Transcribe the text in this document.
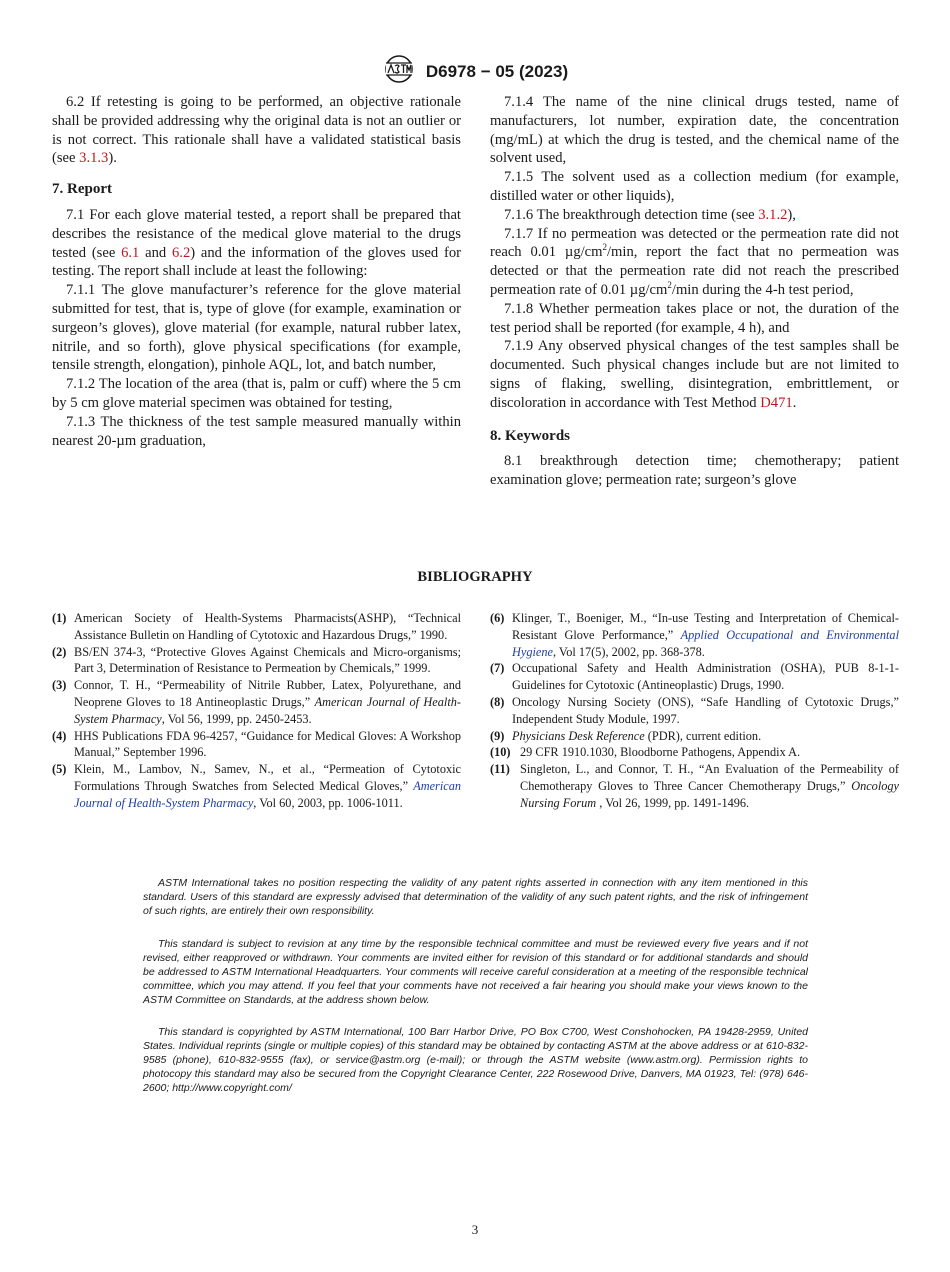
D6978 − 05 (2023)

6.2 If retesting is going to be performed, an objective rationale shall be provided addressing why the original data is not an outlier or is not correct. This rationale shall have a validated statistical basis (see 3.1.3).

7. Report

7.1 For each glove material tested, a report shall be prepared that describes the resistance of the medical glove material to the drugs tested (see 6.1 and 6.2) and the information of the gloves used for testing. The report shall include at least the following:

7.1.1 The glove manufacturer’s reference for the glove material submitted for test, that is, type of glove (for example, examination or surgeon’s gloves), glove material (for example, natural rubber latex, nitrile, and so forth), glove physical specifications (for example, tensile strength, elongation), pinhole AQL, lot, and batch number,

7.1.2 The location of the area (that is, palm or cuff) where the 5 cm by 5 cm glove material specimen was obtained for testing,

7.1.3 The thickness of the test sample measured manually within nearest 20-µm graduation,

7.1.4 The name of the nine clinical drugs tested, name of manufacturers, lot number, expiration date, the concentration (mg/mL) at which the drug is tested, and the chemical name of the solvent used,

7.1.5 The solvent used as a collection medium (for example, distilled water or other liquids),

7.1.6 The breakthrough detection time (see 3.1.2),

7.1.7 If no permeation was detected or the permeation rate did not reach 0.01 $\mu g/cm^2/\min$, report the fact that no permeation was detected or that the permeation rate did not reach the prescribed permeation rate of 0.01 $\mu g/cm^2/\min$ during the 4-h test period,

7.1.8 Whether permeation takes place or not, the duration of the test period shall be reported (for example, 4 h), and

7.1.9 Any observed physical changes of the test samples shall be documented. Such physical changes include but are not limited to signs of flaking, swelling, disintegration, embrittlement, or discoloration in accordance with Test Method D471.

8. Keywords

8.1 breakthrough detection time; chemotherapy; patient examination glove; permeation rate; surgeon’s glove

BIBLIOGRAPHY
(1) American Society of Health-Systems Pharmacists(ASHP), “Technical Assistance Bulletin on Handling of Cytotoxic and Hazardous Drugs,” 1990.
(2) BS/EN 374-3, “Protective Gloves Against Chemicals and Micro-organisms; Part 3, Determination of Resistance to Permeation by Chemicals,” 1999.
(3) Connor, T. H., “Permeability of Nitrile Rubber, Latex, Polyurethane, and Neoprene Gloves to 18 Antineoplastic Drugs,” American Journal of Health-System Pharmacy, Vol 56, 1999, pp. 2450-2453.
(4) HHS Publications FDA 96-4257, “Guidance for Medical Gloves: A Workshop Manual,” September 1996.
(5) Klein, M., Lambov, N., Samev, N., et al., “Permeation of Cytotoxic Formulations Through Swatches from Selected Medical Gloves,” American Journal of Health-System Pharmacy, Vol 60, 2003, pp. 1006-1011.
(6) Klinger, T., Boeniger, M., “In-use Testing and Interpretation of Chemical-Resistant Glove Performance,” Applied Occupational and Environmental Hygiene, Vol 17(5), 2002, pp. 368-378.
(7) Occupational Safety and Health Administration (OSHA), PUB 8-1-1-Guidelines for Cytotoxic (Antineoplastic) Drugs, 1990.
(8) Oncology Nursing Society (ONS), “Safe Handling of Cytotoxic Drugs,” Independent Study Module, 1997.
(9) Physicians Desk Reference (PDR), current edition.
(10) 29 CFR 1910.1030, Bloodborne Pathogens, Appendix A.
(11) Singleton, L., and Connor, T. H., “An Evaluation of the Permeability of Chemotherapy Gloves to Three Cancer Chemotherapy Drugs,” Oncology Nursing Forum , Vol 26, 1999, pp. 1491-1496.

ASTM International takes no position respecting the validity of any patent rights asserted in connection with any item mentioned in this standard. Users of this standard are expressly advised that determination of the validity of any such patent rights, and the risk of infringement of such rights, are entirely their own responsibility.

This standard is subject to revision at any time by the responsible technical committee and must be reviewed every five years and if not revised, either reapproved or withdrawn. Your comments are invited either for revision of this standard or for additional standards and should be addressed to ASTM International Headquarters. Your comments will receive careful consideration at a meeting of the responsible technical committee, which you may attend. If you feel that your comments have not received a fair hearing you should make your views known to the ASTM Committee on Standards, at the address shown below.

This standard is copyrighted by ASTM International, 100 Barr Harbor Drive, PO Box C700, West Conshohocken, PA 19428-2959, United States. Individual reprints (single or multiple copies) of this standard may be obtained by contacting ASTM at the above address or at 610-832-9585 (phone), 610-832-9555 (fax), or service@astm.org (e-mail); or through the ASTM website (www.astm.org). Permission rights to photocopy this standard may also be secured from the Copyright Clearance Center, 222 Rosewood Drive, Danvers, MA 01923, Tel: (978) 646-2600; http://www.copyright.com/

3
